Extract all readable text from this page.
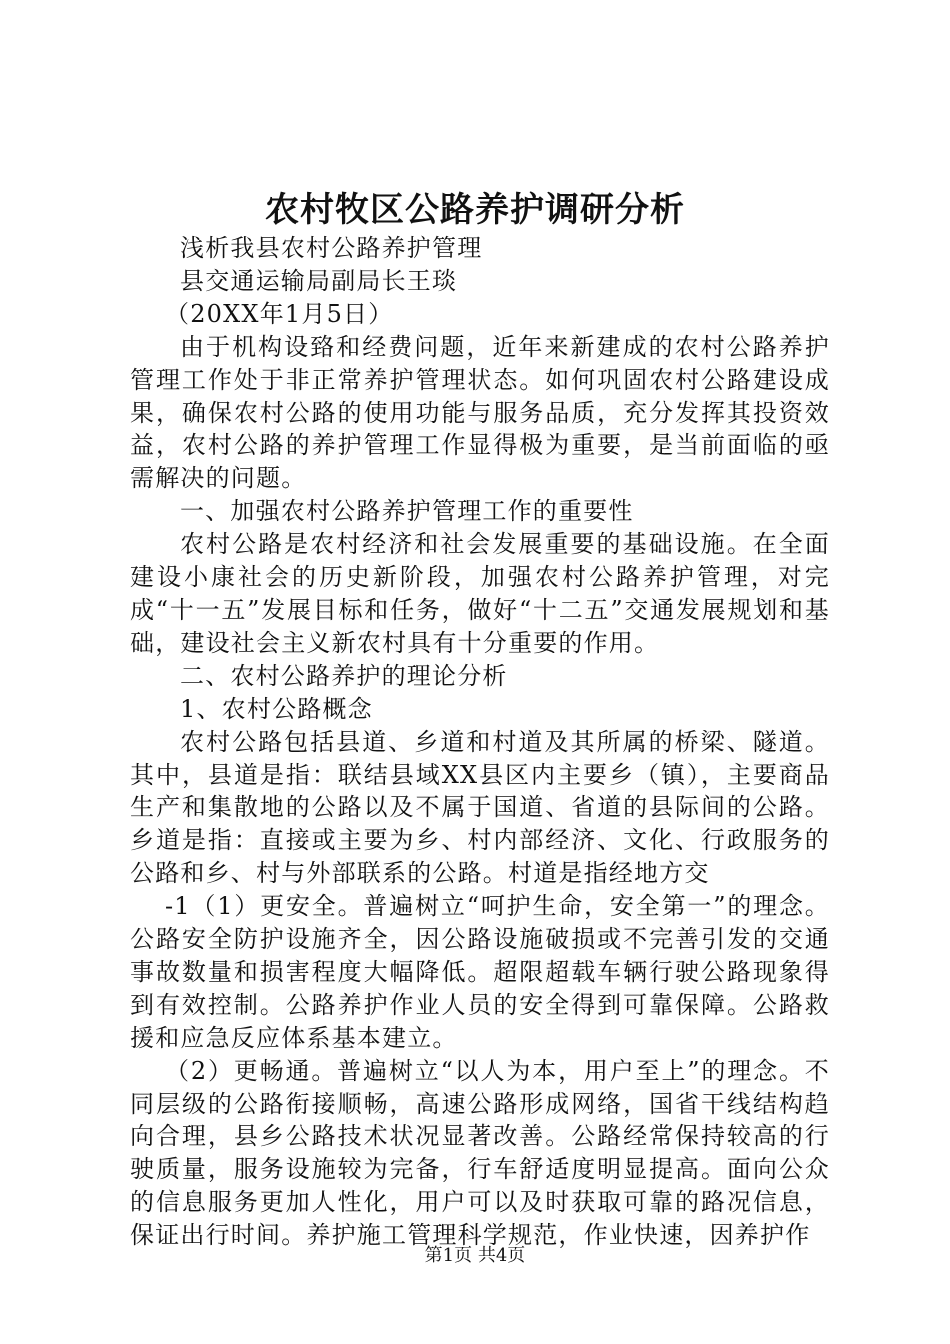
农村牧区公路养护调研分析

浅析我县农村公路养护管理

县交通运输局副局长王琰

（20XX年1月5日）

由于机构设臵和经费问题，近年来新建成的农村公路养护管理工作处于非正常养护管理状态。如何巩固农村公路建设成果，确保农村公路的使用功能与服务品质，充分发挥其投资效益，农村公路的养护管理工作显得极为重要，是当前面临的亟需解决的问题。

一、加强农村公路养护管理工作的重要性

农村公路是农村经济和社会发展重要的基础设施。在全面建设小康社会的历史新阶段，加强农村公路养护管理，对完成“十一五”发展目标和任务，做好“十二五”交通发展规划和基础，建设社会主义新农村具有十分重要的作用。

二、农村公路养护的理论分析

1、农村公路概念

农村公路包括县道、乡道和村道及其所属的桥梁、隧道。其中，县道是指：联结县域XX县区内主要乡（镇），主要商品生产和集散地的公路以及不属于国道、省道的县际间的公路。乡道是指：直接或主要为乡、村内部经济、文化、行政服务的公路和乡、村与外部联系的公路。村道是指经地方交

-1（1）更安全。普遍树立“呵护生命，安全第一”的理念。公路安全防护设施齐全，因公路设施破损或不完善引发的交通事故数量和损害程度大幅降低。超限超载车辆行驶公路现象得到有效控制。公路养护作业人员的安全得到可靠保障。公路救援和应急反应体系基本建立。

（2）更畅通。普遍树立“以人为本，用户至上”的理念。不同层级的公路衔接顺畅，高速公路形成网络，国省干线结构趋向合理，县乡公路技术状况显著改善。公路经常保持较高的行驶质量，服务设施较为完备，行车舒适度明显提高。面向公众的信息服务更加人性化，用户可以及时获取可靠的路况信息，保证出行时间。养护施工管理科学规范，作业快速，因养护作

第1页 共4页
